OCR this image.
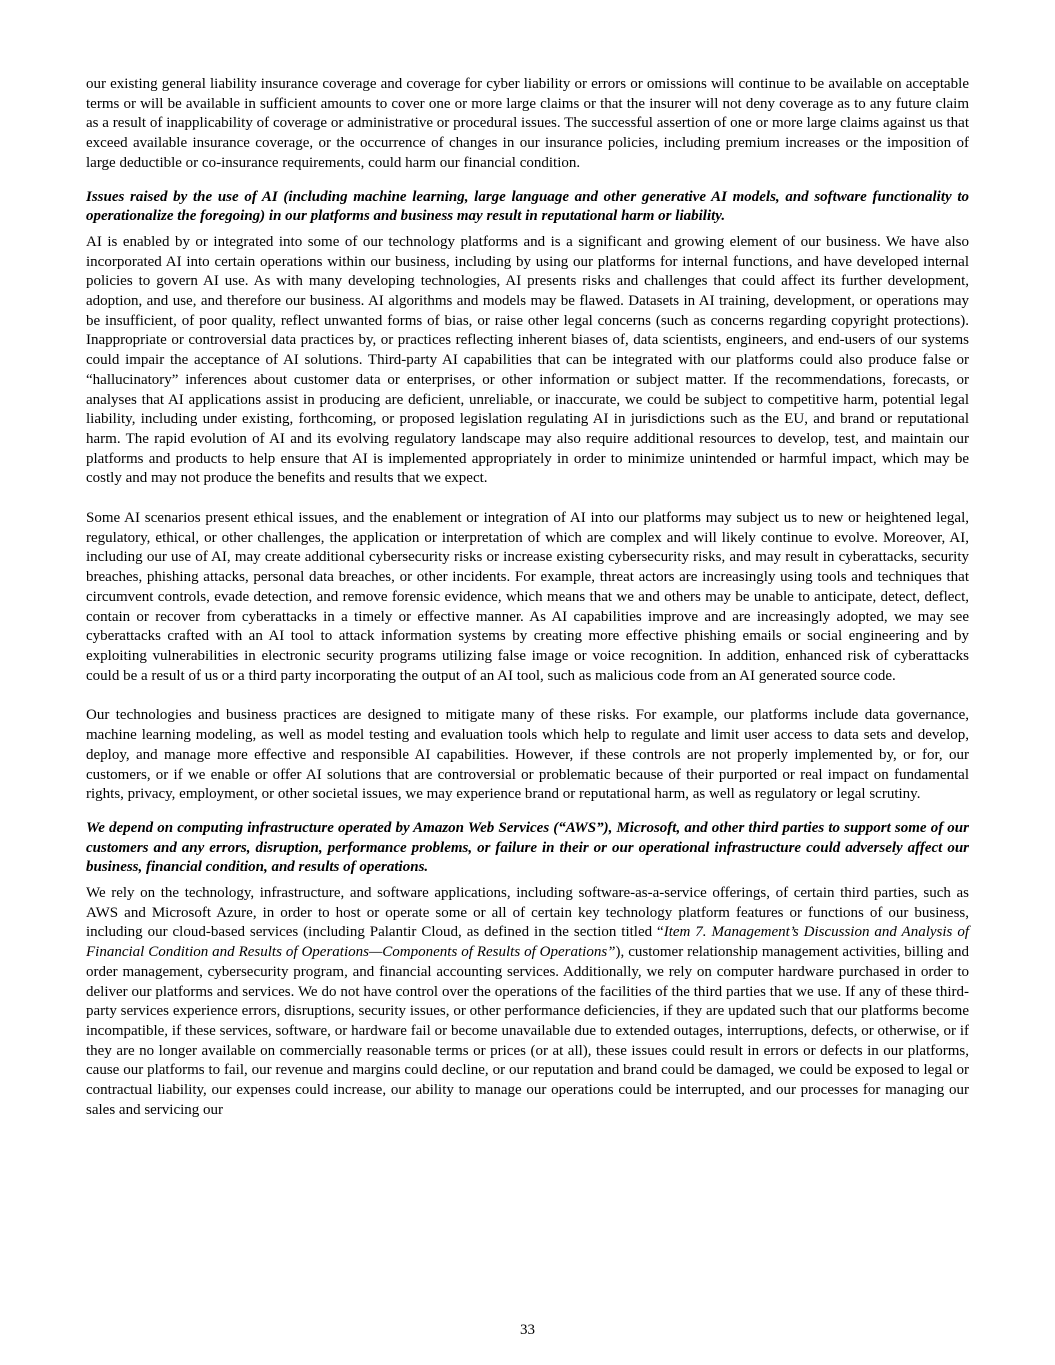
our existing general liability insurance coverage and coverage for cyber liability or errors or omissions will continue to be available on acceptable terms or will be available in sufficient amounts to cover one or more large claims or that the insurer will not deny coverage as to any future claim as a result of inapplicability of coverage or administrative or procedural issues. The successful assertion of one or more large claims against us that exceed available insurance coverage, or the occurrence of changes in our insurance policies, including premium increases or the imposition of large deductible or co-insurance requirements, could harm our financial condition.

Issues raised by the use of AI (including machine learning, large language and other generative AI models, and software functionality to operationalize the foregoing) in our platforms and business may result in reputational harm or liability.

AI is enabled by or integrated into some of our technology platforms and is a significant and growing element of our business. We have also incorporated AI into certain operations within our business, including by using our platforms for internal functions, and have developed internal policies to govern AI use. As with many developing technologies, AI presents risks and challenges that could affect its further development, adoption, and use, and therefore our business. AI algorithms and models may be flawed. Datasets in AI training, development, or operations may be insufficient, of poor quality, reflect unwanted forms of bias, or raise other legal concerns (such as concerns regarding copyright protections). Inappropriate or controversial data practices by, or practices reflecting inherent biases of, data scientists, engineers, and end-users of our systems could impair the acceptance of AI solutions. Third-party AI capabilities that can be integrated with our platforms could also produce false or “hallucinatory” inferences about customer data or enterprises, or other information or subject matter. If the recommendations, forecasts, or analyses that AI applications assist in producing are deficient, unreliable, or inaccurate, we could be subject to competitive harm, potential legal liability, including under existing, forthcoming, or proposed legislation regulating AI in jurisdictions such as the EU, and brand or reputational harm. The rapid evolution of AI and its evolving regulatory landscape may also require additional resources to develop, test, and maintain our platforms and products to help ensure that AI is implemented appropriately in order to minimize unintended or harmful impact, which may be costly and may not produce the benefits and results that we expect.

Some AI scenarios present ethical issues, and the enablement or integration of AI into our platforms may subject us to new or heightened legal, regulatory, ethical, or other challenges, the application or interpretation of which are complex and will likely continue to evolve. Moreover, AI, including our use of AI, may create additional cybersecurity risks or increase existing cybersecurity risks, and may result in cyberattacks, security breaches, phishing attacks, personal data breaches, or other incidents. For example, threat actors are increasingly using tools and techniques that circumvent controls, evade detection, and remove forensic evidence, which means that we and others may be unable to anticipate, detect, deflect, contain or recover from cyberattacks in a timely or effective manner. As AI capabilities improve and are increasingly adopted, we may see cyberattacks crafted with an AI tool to attack information systems by creating more effective phishing emails or social engineering and by exploiting vulnerabilities in electronic security programs utilizing false image or voice recognition. In addition, enhanced risk of cyberattacks could be a result of us or a third party incorporating the output of an AI tool, such as malicious code from an AI generated source code.

Our technologies and business practices are designed to mitigate many of these risks. For example, our platforms include data governance, machine learning modeling, as well as model testing and evaluation tools which help to regulate and limit user access to data sets and develop, deploy, and manage more effective and responsible AI capabilities. However, if these controls are not properly implemented by, or for, our customers, or if we enable or offer AI solutions that are controversial or problematic because of their purported or real impact on fundamental rights, privacy, employment, or other societal issues, we may experience brand or reputational harm, as well as regulatory or legal scrutiny.

We depend on computing infrastructure operated by Amazon Web Services (“AWS”), Microsoft, and other third parties to support some of our customers and any errors, disruption, performance problems, or failure in their or our operational infrastructure could adversely affect our business, financial condition, and results of operations.

We rely on the technology, infrastructure, and software applications, including software-as-a-service offerings, of certain third parties, such as AWS and Microsoft Azure, in order to host or operate some or all of certain key technology platform features or functions of our business, including our cloud-based services (including Palantir Cloud, as defined in the section titled “Item 7. Management’s Discussion and Analysis of Financial Condition and Results of Operations—Components of Results of Operations”), customer relationship management activities, billing and order management, cybersecurity program, and financial accounting services. Additionally, we rely on computer hardware purchased in order to deliver our platforms and services. We do not have control over the operations of the facilities of the third parties that we use. If any of these third-party services experience errors, disruptions, security issues, or other performance deficiencies, if they are updated such that our platforms become incompatible, if these services, software, or hardware fail or become unavailable due to extended outages, interruptions, defects, or otherwise, or if they are no longer available on commercially reasonable terms or prices (or at all), these issues could result in errors or defects in our platforms, cause our platforms to fail, our revenue and margins could decline, or our reputation and brand could be damaged, we could be exposed to legal or contractual liability, our expenses could increase, our ability to manage our operations could be interrupted, and our processes for managing our sales and servicing our

33
